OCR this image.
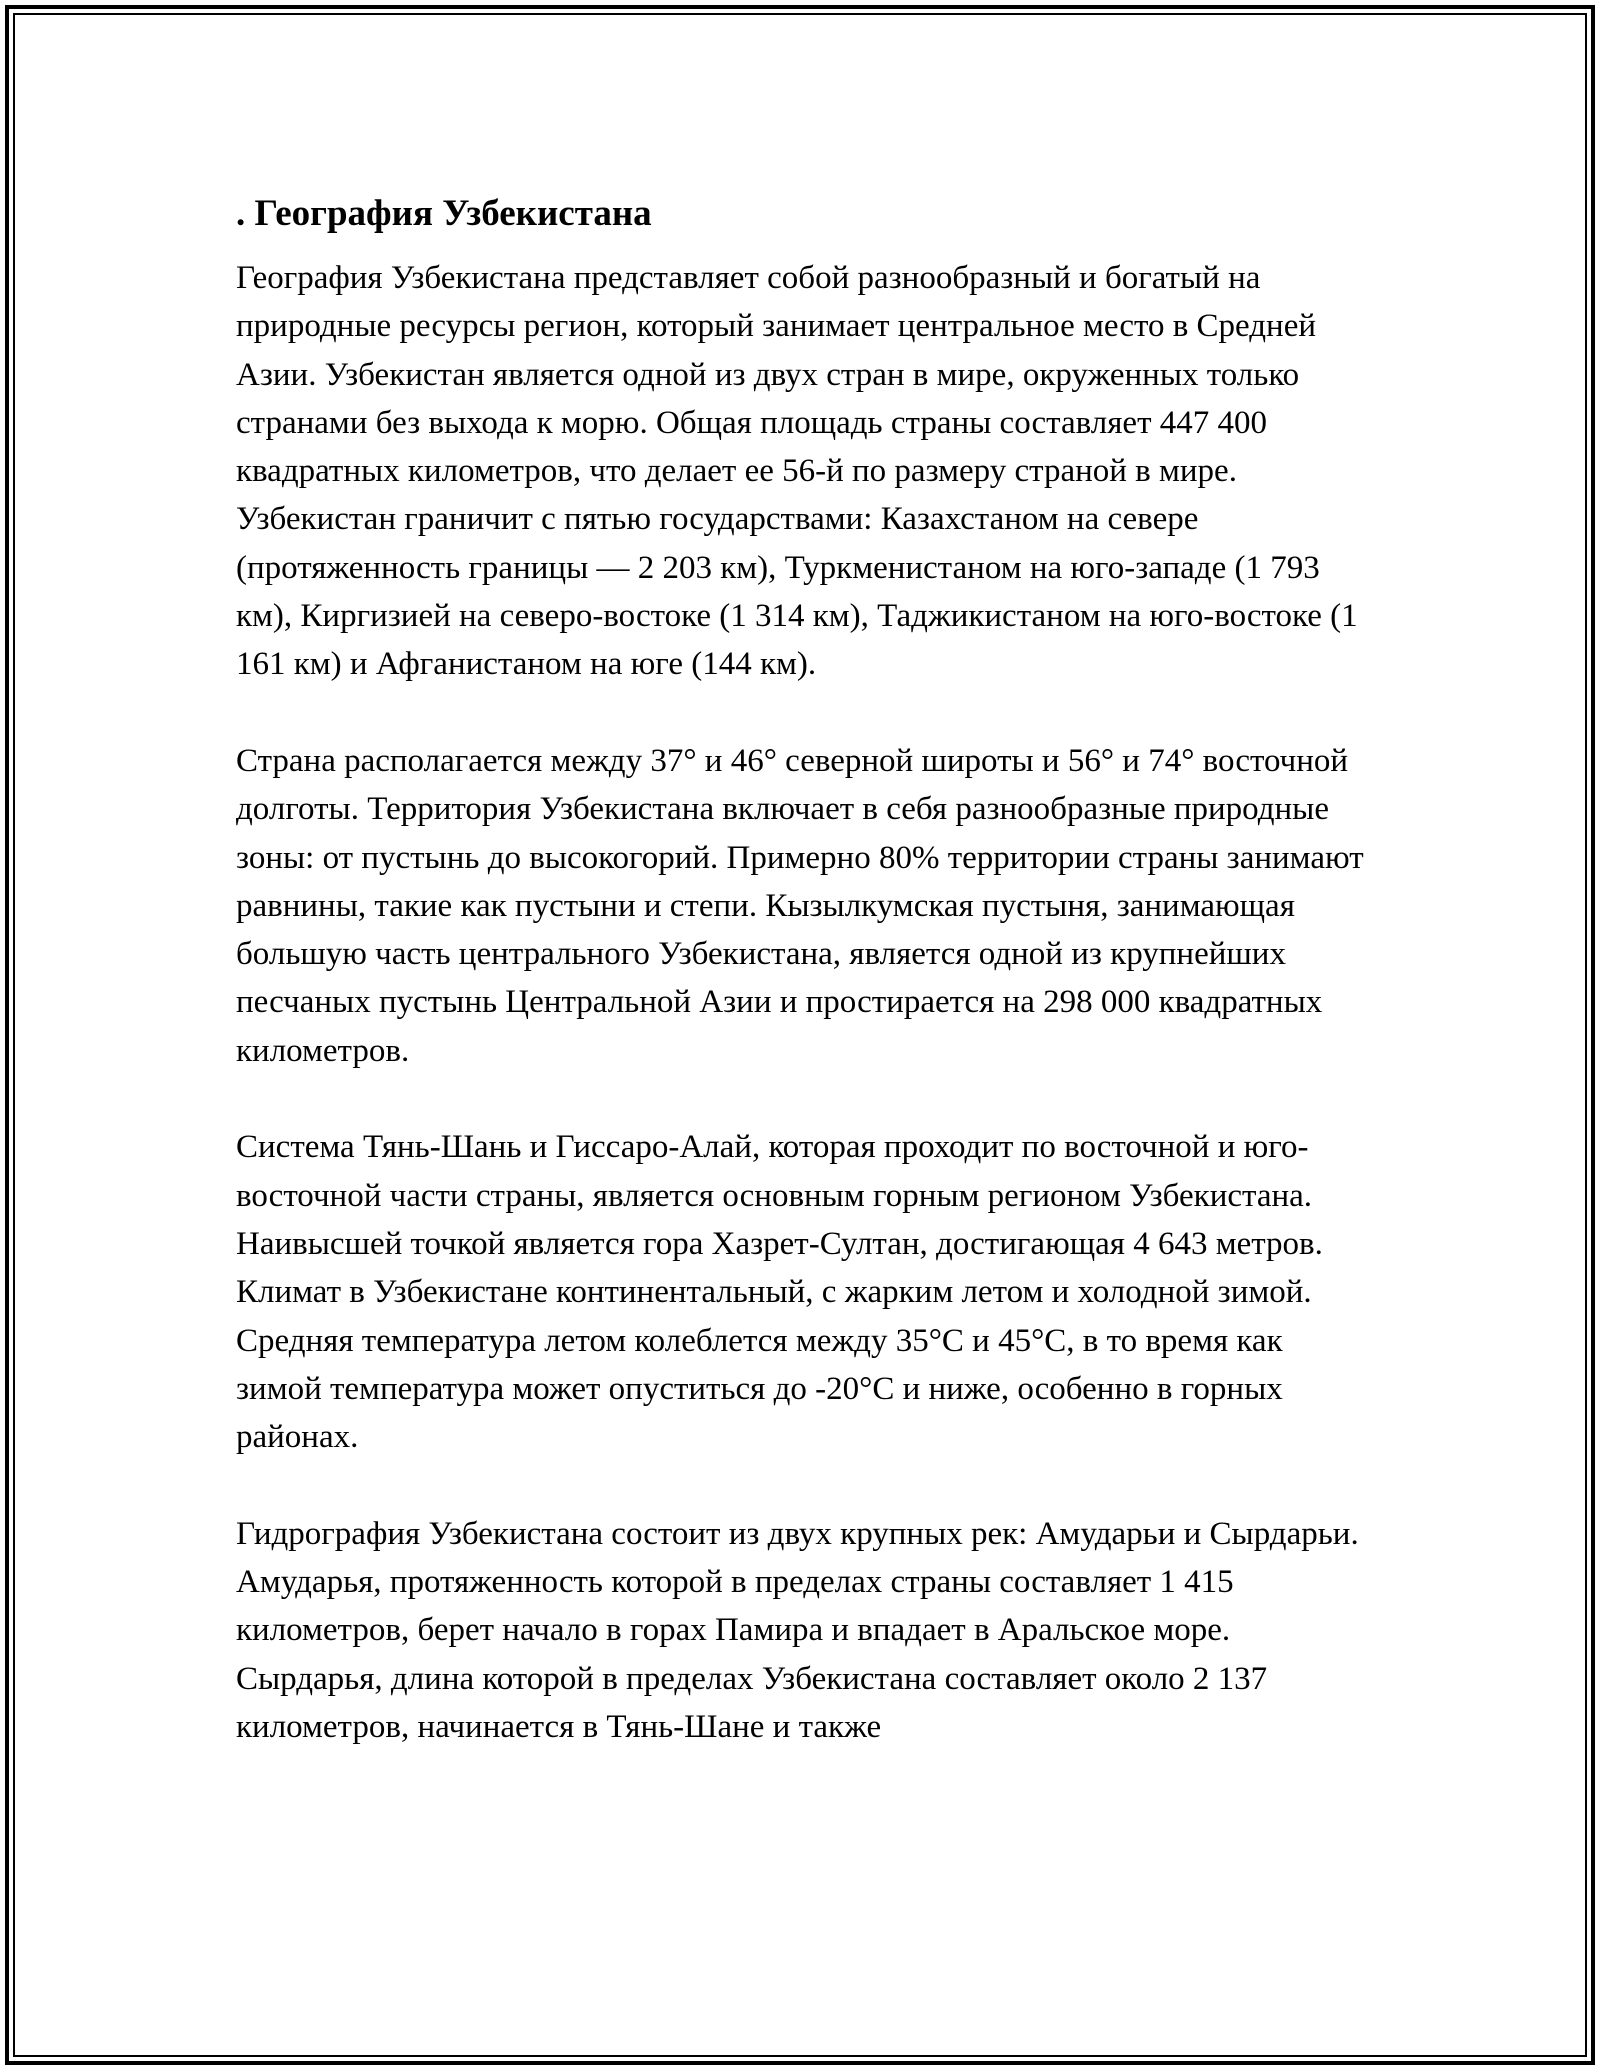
. География Узбекистана

География Узбекистана представляет собой разнообразный и богатый на природные ресурсы регион, который занимает центральное место в Средней Азии. Узбекистан является одной из двух стран в мире, окруженных только странами без выхода к морю. Общая площадь страны составляет 447 400 квадратных километров, что делает ее 56-й по размеру страной в мире. Узбекистан граничит с пятью государствами: Казахстаном на севере (протяженность границы — 2 203 км), Туркменистаном на юго-западе (1 793 км), Киргизией на северо-востоке (1 314 км), Таджикистаном на юго-востоке (1 161 км) и Афганистаном на юге (144 км).

Страна располагается между 37° и 46° северной широты и 56° и 74° восточной долготы. Территория Узбекистана включает в себя разнообразные природные зоны: от пустынь до высокогорий. Примерно 80% территории страны занимают равнины, такие как пустыни и степи. Кызылкумская пустыня, занимающая большую часть центрального Узбекистана, является одной из крупнейших песчаных пустынь Центральной Азии и простирается на 298 000 квадратных километров.

Система Тянь-Шань и Гиссаро-Алай, которая проходит по восточной и юго-восточной части страны, является основным горным регионом Узбекистана. Наивысшей точкой является гора Хазрет-Султан, достигающая 4 643 метров. Климат в Узбекистане континентальный, с жарким летом и холодной зимой. Средняя температура летом колеблется между 35°C и 45°C, в то время как зимой температура может опуститься до -20°C и ниже, особенно в горных районах.

Гидрография Узбекистана состоит из двух крупных рек: Амударьи и Сырдарьи. Амударья, протяженность которой в пределах страны составляет 1 415 километров, берет начало в горах Памира и впадает в Аральское море. Сырдарья, длина которой в пределах Узбекистана составляет около 2 137 километров, начинается в Тянь-Шане и также
